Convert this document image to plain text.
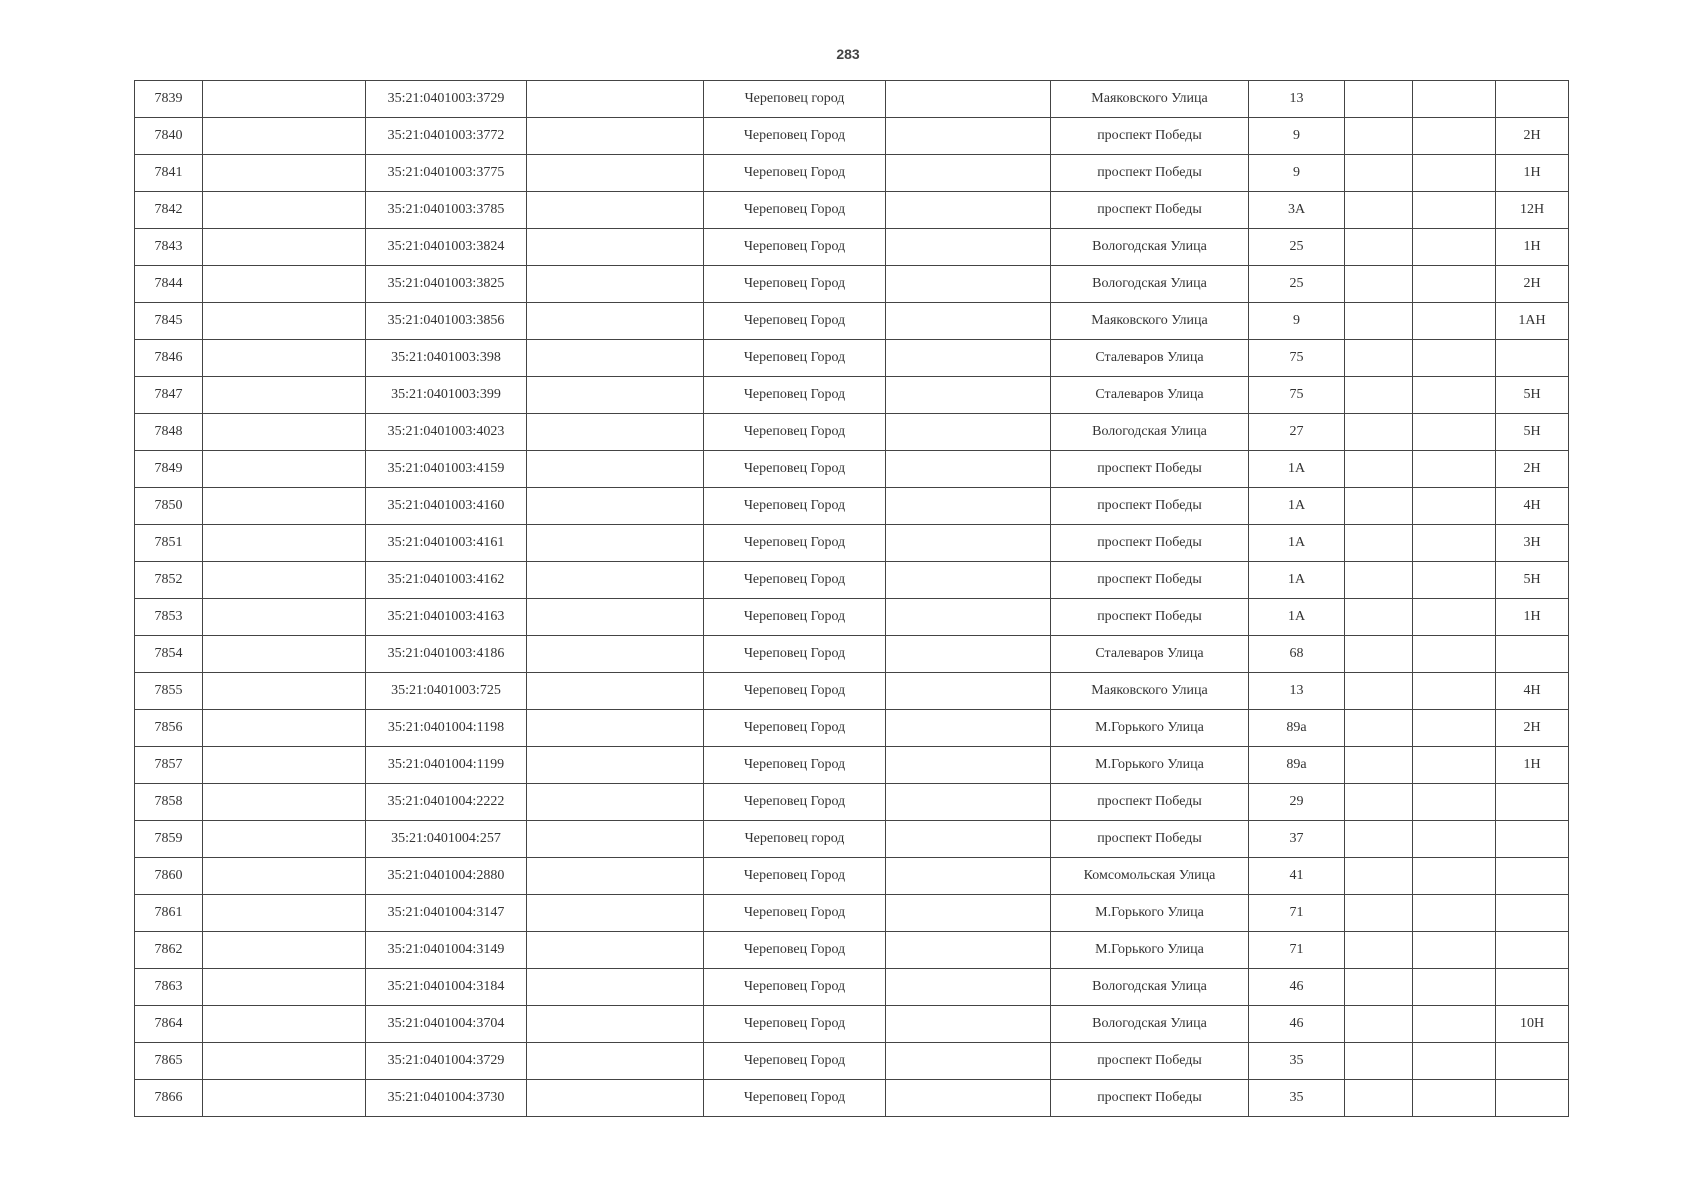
283
7839		35:21:0401003:3729		Череповец город		Маяковского Улица	13			
7840		35:21:0401003:3772		Череповец Город		проспект Победы	9			2Н
7841		35:21:0401003:3775		Череповец Город		проспект Победы	9			1Н
7842		35:21:0401003:3785		Череповец Город		проспект Победы	3А			12Н
7843		35:21:0401003:3824		Череповец Город		Вологодская Улица	25			1Н
7844		35:21:0401003:3825		Череповец Город		Вологодская Улица	25			2Н
7845		35:21:0401003:3856		Череповец Город		Маяковского Улица	9			1АН
7846		35:21:0401003:398		Череповец Город		Сталеваров Улица	75			
7847		35:21:0401003:399		Череповец Город		Сталеваров Улица	75			5Н
7848		35:21:0401003:4023		Череповец Город		Вологодская Улица	27			5Н
7849		35:21:0401003:4159		Череповец Город		проспект Победы	1А			2Н
7850		35:21:0401003:4160		Череповец Город		проспект Победы	1А			4Н
7851		35:21:0401003:4161		Череповец Город		проспект Победы	1А			3Н
7852		35:21:0401003:4162		Череповец Город		проспект Победы	1А			5Н
7853		35:21:0401003:4163		Череповец Город		проспект Победы	1А			1Н
7854		35:21:0401003:4186		Череповец Город		Сталеваров Улица	68			
7855		35:21:0401003:725		Череповец Город		Маяковского Улица	13			4Н
7856		35:21:0401004:1198		Череповец Город		М.Горького Улица	89а			2Н
7857		35:21:0401004:1199		Череповец Город		М.Горького Улица	89а			1Н
7858		35:21:0401004:2222		Череповец Город		проспект Победы	29			
7859		35:21:0401004:257		Череповец город		проспект Победы	37			
7860		35:21:0401004:2880		Череповец Город		Комсомольская Улица	41			
7861		35:21:0401004:3147		Череповец Город		М.Горького Улица	71			
7862		35:21:0401004:3149		Череповец Город		М.Горького Улица	71			
7863		35:21:0401004:3184		Череповец Город		Вологодская Улица	46			
7864		35:21:0401004:3704		Череповец Город		Вологодская Улица	46			10Н
7865		35:21:0401004:3729		Череповец Город		проспект Победы	35			
7866		35:21:0401004:3730		Череповец Город		проспект Победы	35			
